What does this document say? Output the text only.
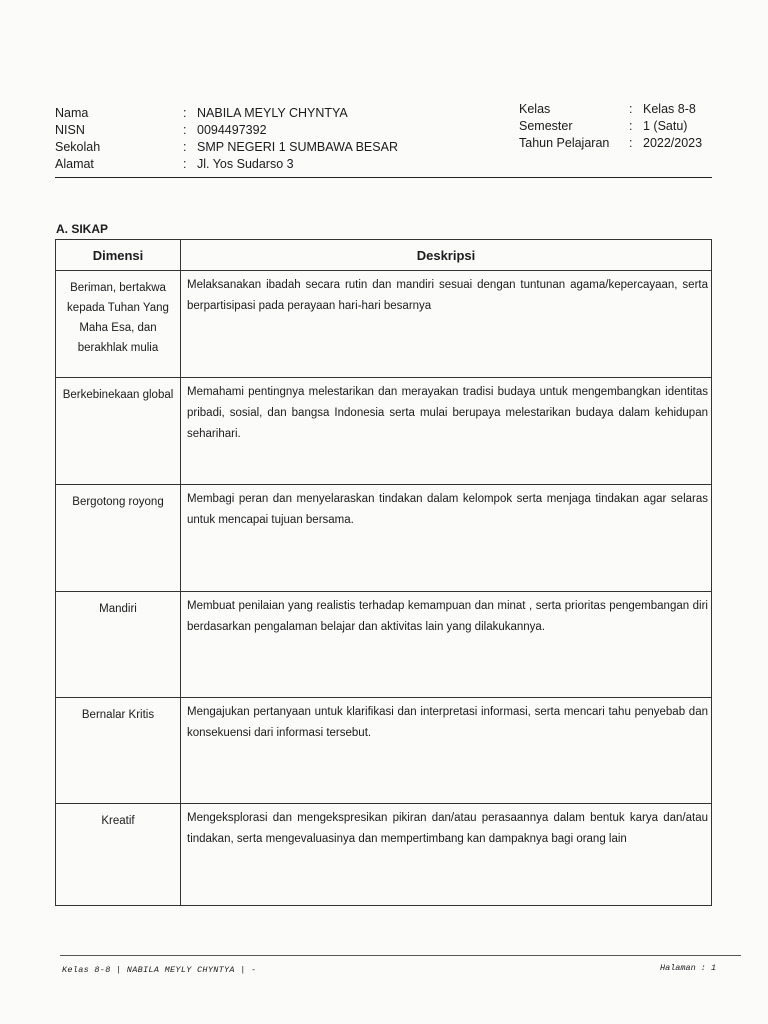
Nama	: NABILA MEYLY CHYNTYA
NISN	: 0094497392
Sekolah	: SMP NEGERI 1 SUMBAWA BESAR
Alamat	: Jl. Yos Sudarso 3
Kelas	: Kelas 8-8
Semester	: 1 (Satu)
Tahun Pelajaran	: 2022/2023
A. SIKAP
Dimensi	Deskripsi
Beriman, bertakwa kepada Tuhan Yang Maha Esa, dan berakhlak mulia	Melaksanakan ibadah secara rutin dan mandiri sesuai dengan tuntunan agama/kepercayaan, serta berpartisipasi pada perayaan hari-hari besarnya
Berkebinekaan global	Memahami pentingnya melestarikan dan merayakan tradisi budaya untuk mengembangkan identitas pribadi, sosial, dan bangsa Indonesia serta mulai berupaya melestarikan budaya dalam kehidupan seharihari.
Bergotong royong	Membagi peran dan menyelaraskan tindakan dalam kelompok serta menjaga tindakan agar selaras untuk mencapai tujuan bersama.
Mandiri	Membuat penilaian yang realistis terhadap kemampuan dan minat , serta prioritas pengembangan diri berdasarkan pengalaman belajar dan aktivitas lain yang dilakukannya.
Bernalar Kritis	Mengajukan pertanyaan untuk klarifikasi dan interpretasi informasi, serta mencari tahu penyebab dan konsekuensi dari informasi tersebut.
Kreatif	Mengeksplorasi dan mengekspresikan pikiran dan/atau perasaannya dalam bentuk karya dan/atau tindakan, serta mengevaluasinya dan mempertimbang kan dampaknya bagi orang lain
Kelas 8-8 | NABILA MEYLY CHYNTYA | -	Halaman : 1
